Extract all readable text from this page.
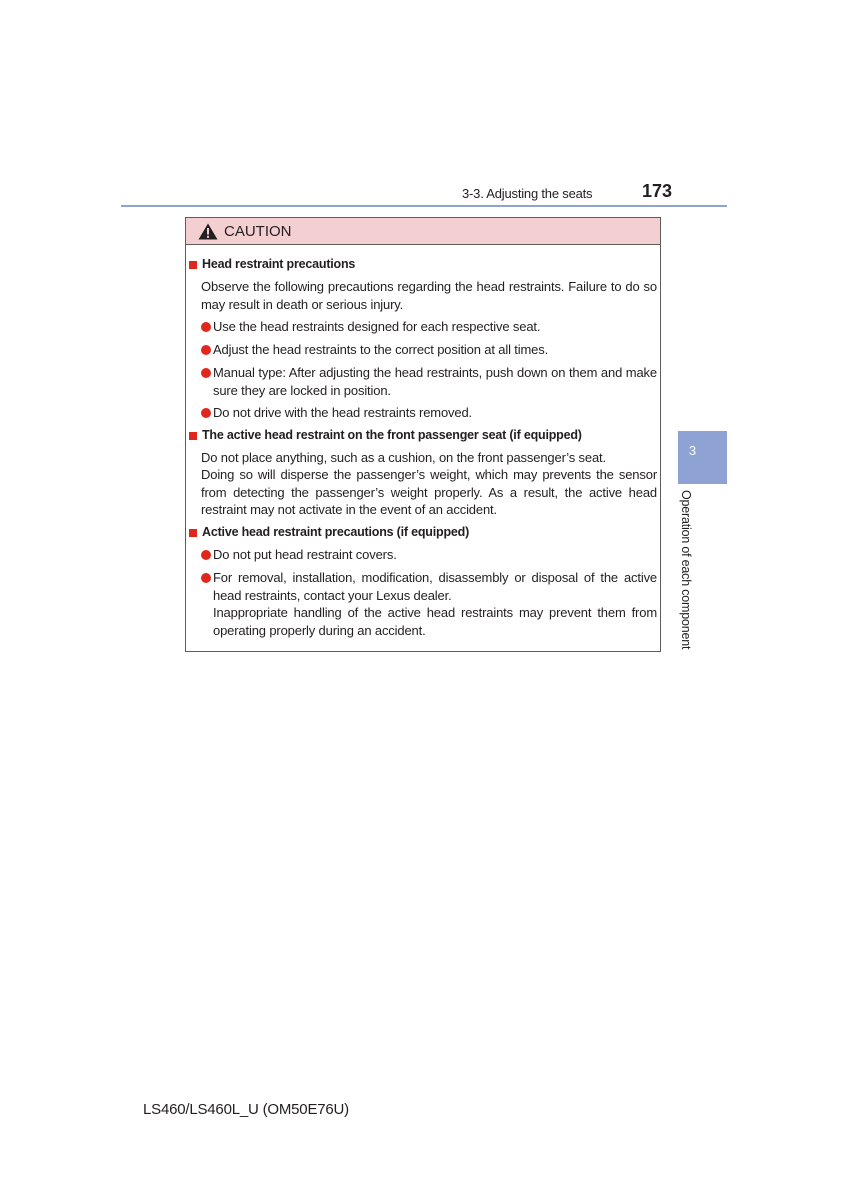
3-3. Adjusting the seats	173
CAUTION
Head restraint precautions

Observe the following precautions regarding the head restraints. Failure to do so may result in death or serious injury.

Use the head restraints designed for each respective seat.
Adjust the head restraints to the correct position at all times.
Manual type: After adjusting the head restraints, push down on them and make sure they are locked in position.
Do not drive with the head restraints removed.
The active head restraint on the front passenger seat (if equipped)

Do not place anything, such as a cushion, on the front passenger’s seat.

Doing so will disperse the passenger’s weight, which may prevents the sensor from detecting the passenger’s weight properly. As a result, the active head restraint may not activate in the event of an accident.

Active head restraint precautions (if equipped)
Do not put head restraint covers.
For removal, installation, modification, disassembly or disposal of the active head restraints, contact your Lexus dealer.
Inappropriate handling of the active head restraints may prevent them from operating properly during an accident.
3
Operation of each component
LS460/LS460L_U (OM50E76U)
